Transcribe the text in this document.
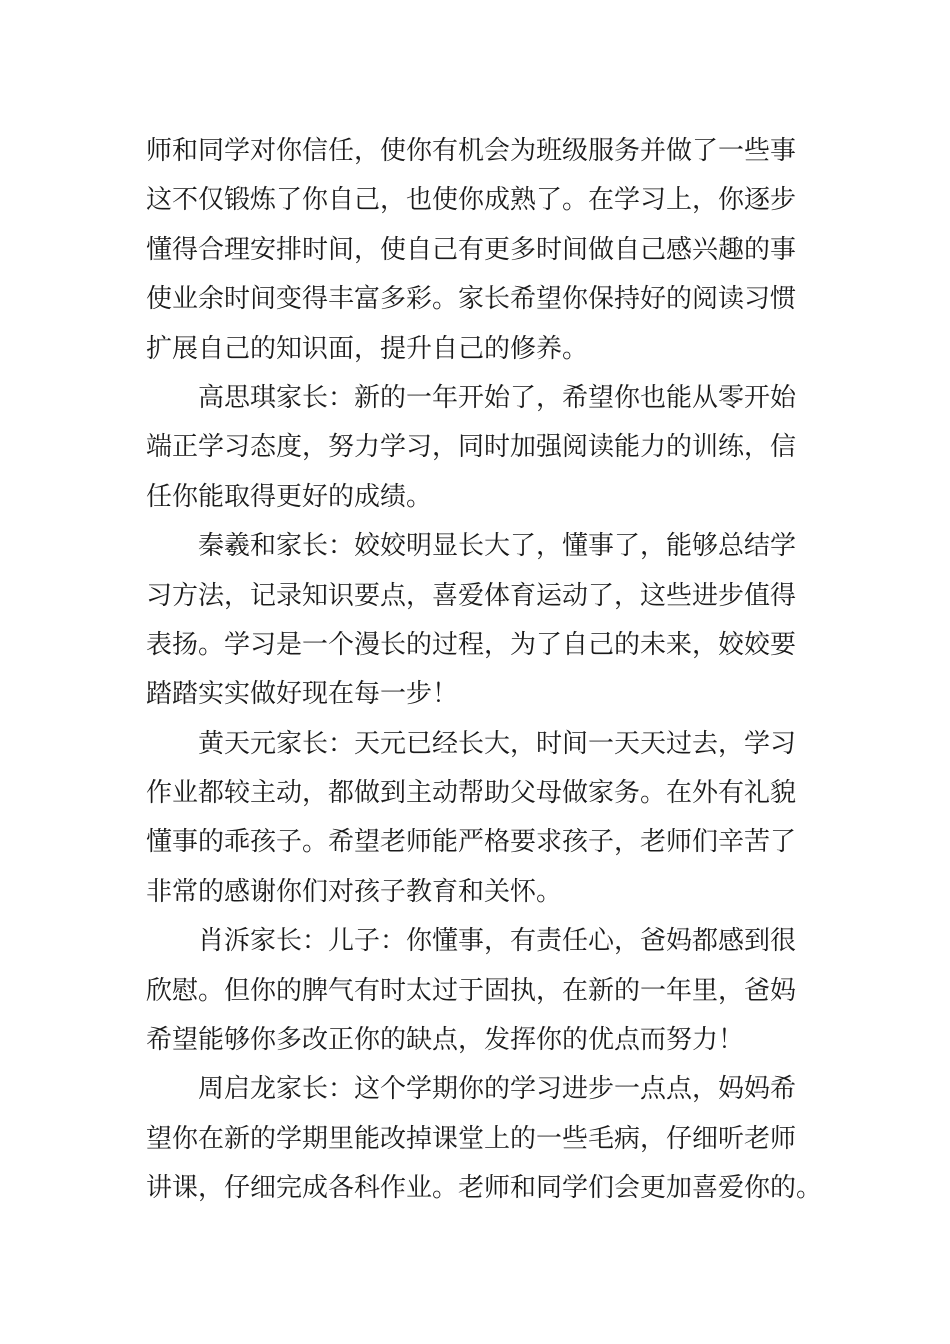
师和同学对你信任，使你有机会为班级服务并做了一些事
这不仅锻炼了你自己，也使你成熟了。在学习上，你逐步
懂得合理安排时间，使自己有更多时间做自己感兴趣的事
使业余时间变得丰富多彩。家长希望你保持好的阅读习惯
扩展自己的知识面，提升自己的修养。
高思琪家长：新的一年开始了，希望你也能从零开始
端正学习态度，努力学习，同时加强阅读能力的训练，信
任你能取得更好的成绩。
秦羲和家长：姣姣明显长大了，懂事了，能够总结学
习方法，记录知识要点，喜爱体育运动了，这些进步值得
表扬。学习是一个漫长的过程，为了自己的未来，姣姣要
踏踏实实做好现在每一步！
黄天元家长：天元已经长大，时间一天天过去，学习
作业都较主动，都做到主动帮助父母做家务。在外有礼貌
懂事的乖孩子。希望老师能严格要求孩子，老师们辛苦了
非常的感谢你们对孩子教育和关怀。
肖泝家长：儿子：你懂事，有责任心，爸妈都感到很
欣慰。但你的脾气有时太过于固执，在新的一年里，爸妈
希望能够你多改正你的缺点，发挥你的优点而努力！
周启龙家长：这个学期你的学习进步一点点，妈妈希
望你在新的学期里能改掉课堂上的一些毛病，仔细听老师
讲课，仔细完成各科作业。老师和同学们会更加喜爱你的。
